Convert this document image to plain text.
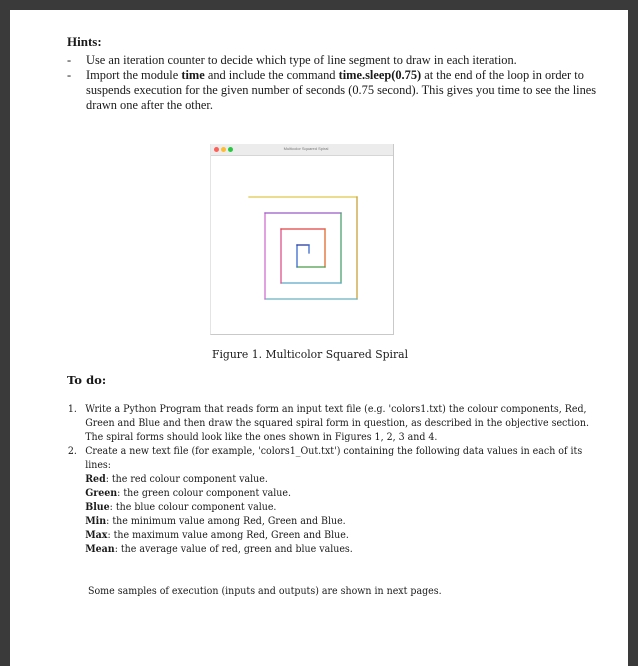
Hints:
- Use an iteration counter to decide which type of line segment to draw in each iteration.
- Import the module time and include the command time.sleep(0.75) at the end of the loop in order to suspends execution for the given number of seconds (0.75 second). This gives you time to see the lines drawn one after the other.
Multicolor Squared Spiral
Figure 1. Multicolor Squared Spiral
To do:
1. Write a Python Program that reads form an input text file (e.g. 'colors1.txt) the colour components, Red, Green and Blue and then draw the squared spiral form in question, as described in the objective section. The spiral forms should look like the ones shown in Figures 1, 2, 3 and 4.
2. Create a new text file (for example, 'colors1_Out.txt') containing the following data values in each of its lines:
Red: the red colour component value.
Green: the green colour component value.
Blue: the blue colour component value.
Min: the minimum value among Red, Green and Blue.
Max: the maximum value among Red, Green and Blue.
Mean: the average value of red, green and blue values.
Some samples of execution (inputs and outputs) are shown in next pages.
